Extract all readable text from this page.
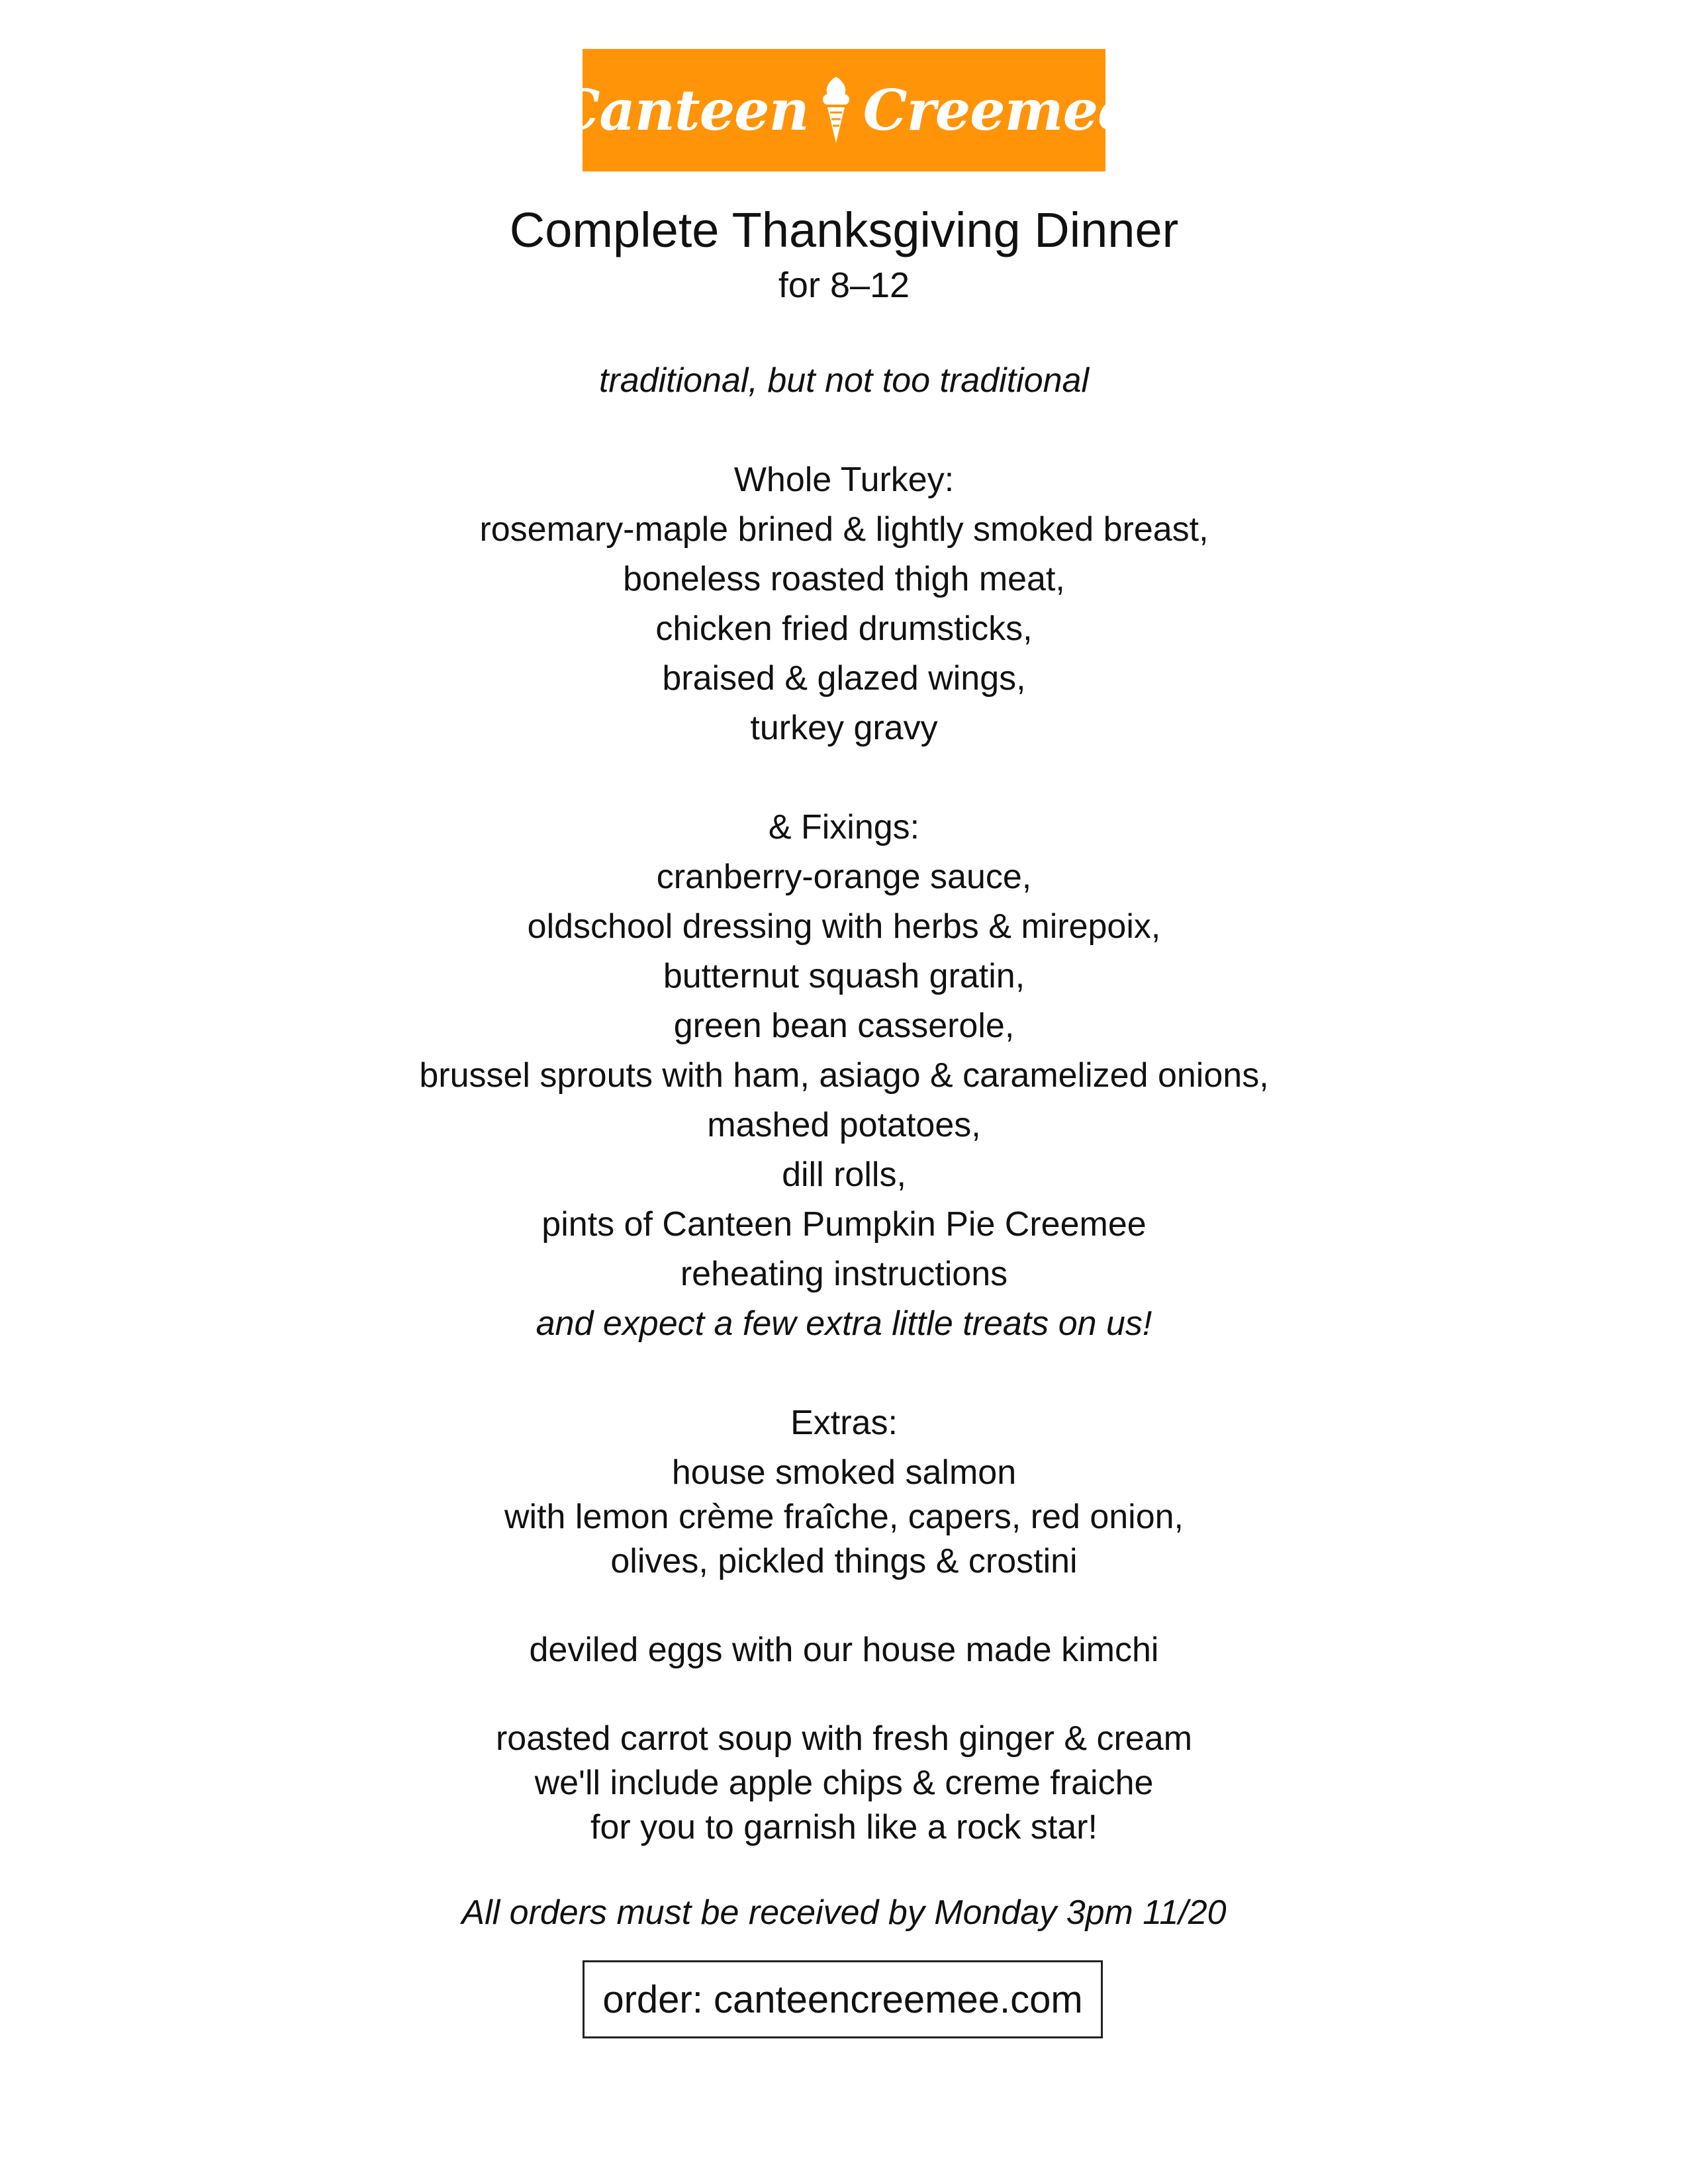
Canteen Creemee
Complete Thanksgiving Dinner
for 8–12
traditional, but not too traditional
Whole Turkey:
rosemary-maple brined & lightly smoked breast,
boneless roasted thigh meat,
chicken fried drumsticks,
braised & glazed wings,
turkey gravy
& Fixings:
cranberry-orange sauce,
oldschool dressing with herbs & mirepoix,
butternut squash gratin,
green bean casserole,
brussel sprouts with ham, asiago & caramelized onions,
mashed potatoes,
dill rolls,
pints of Canteen Pumpkin Pie Creemee
reheating instructions
and expect a few extra little treats on us!
Extras:
house smoked salmon
with lemon crème fraîche, capers, red onion,
olives, pickled things & crostini
deviled eggs with our house made kimchi
roasted carrot soup with fresh ginger & cream
we'll include apple chips & creme fraiche
for you to garnish like a rock star!
All orders must be received by Monday 3pm 11/20
order: canteencreemee.com
